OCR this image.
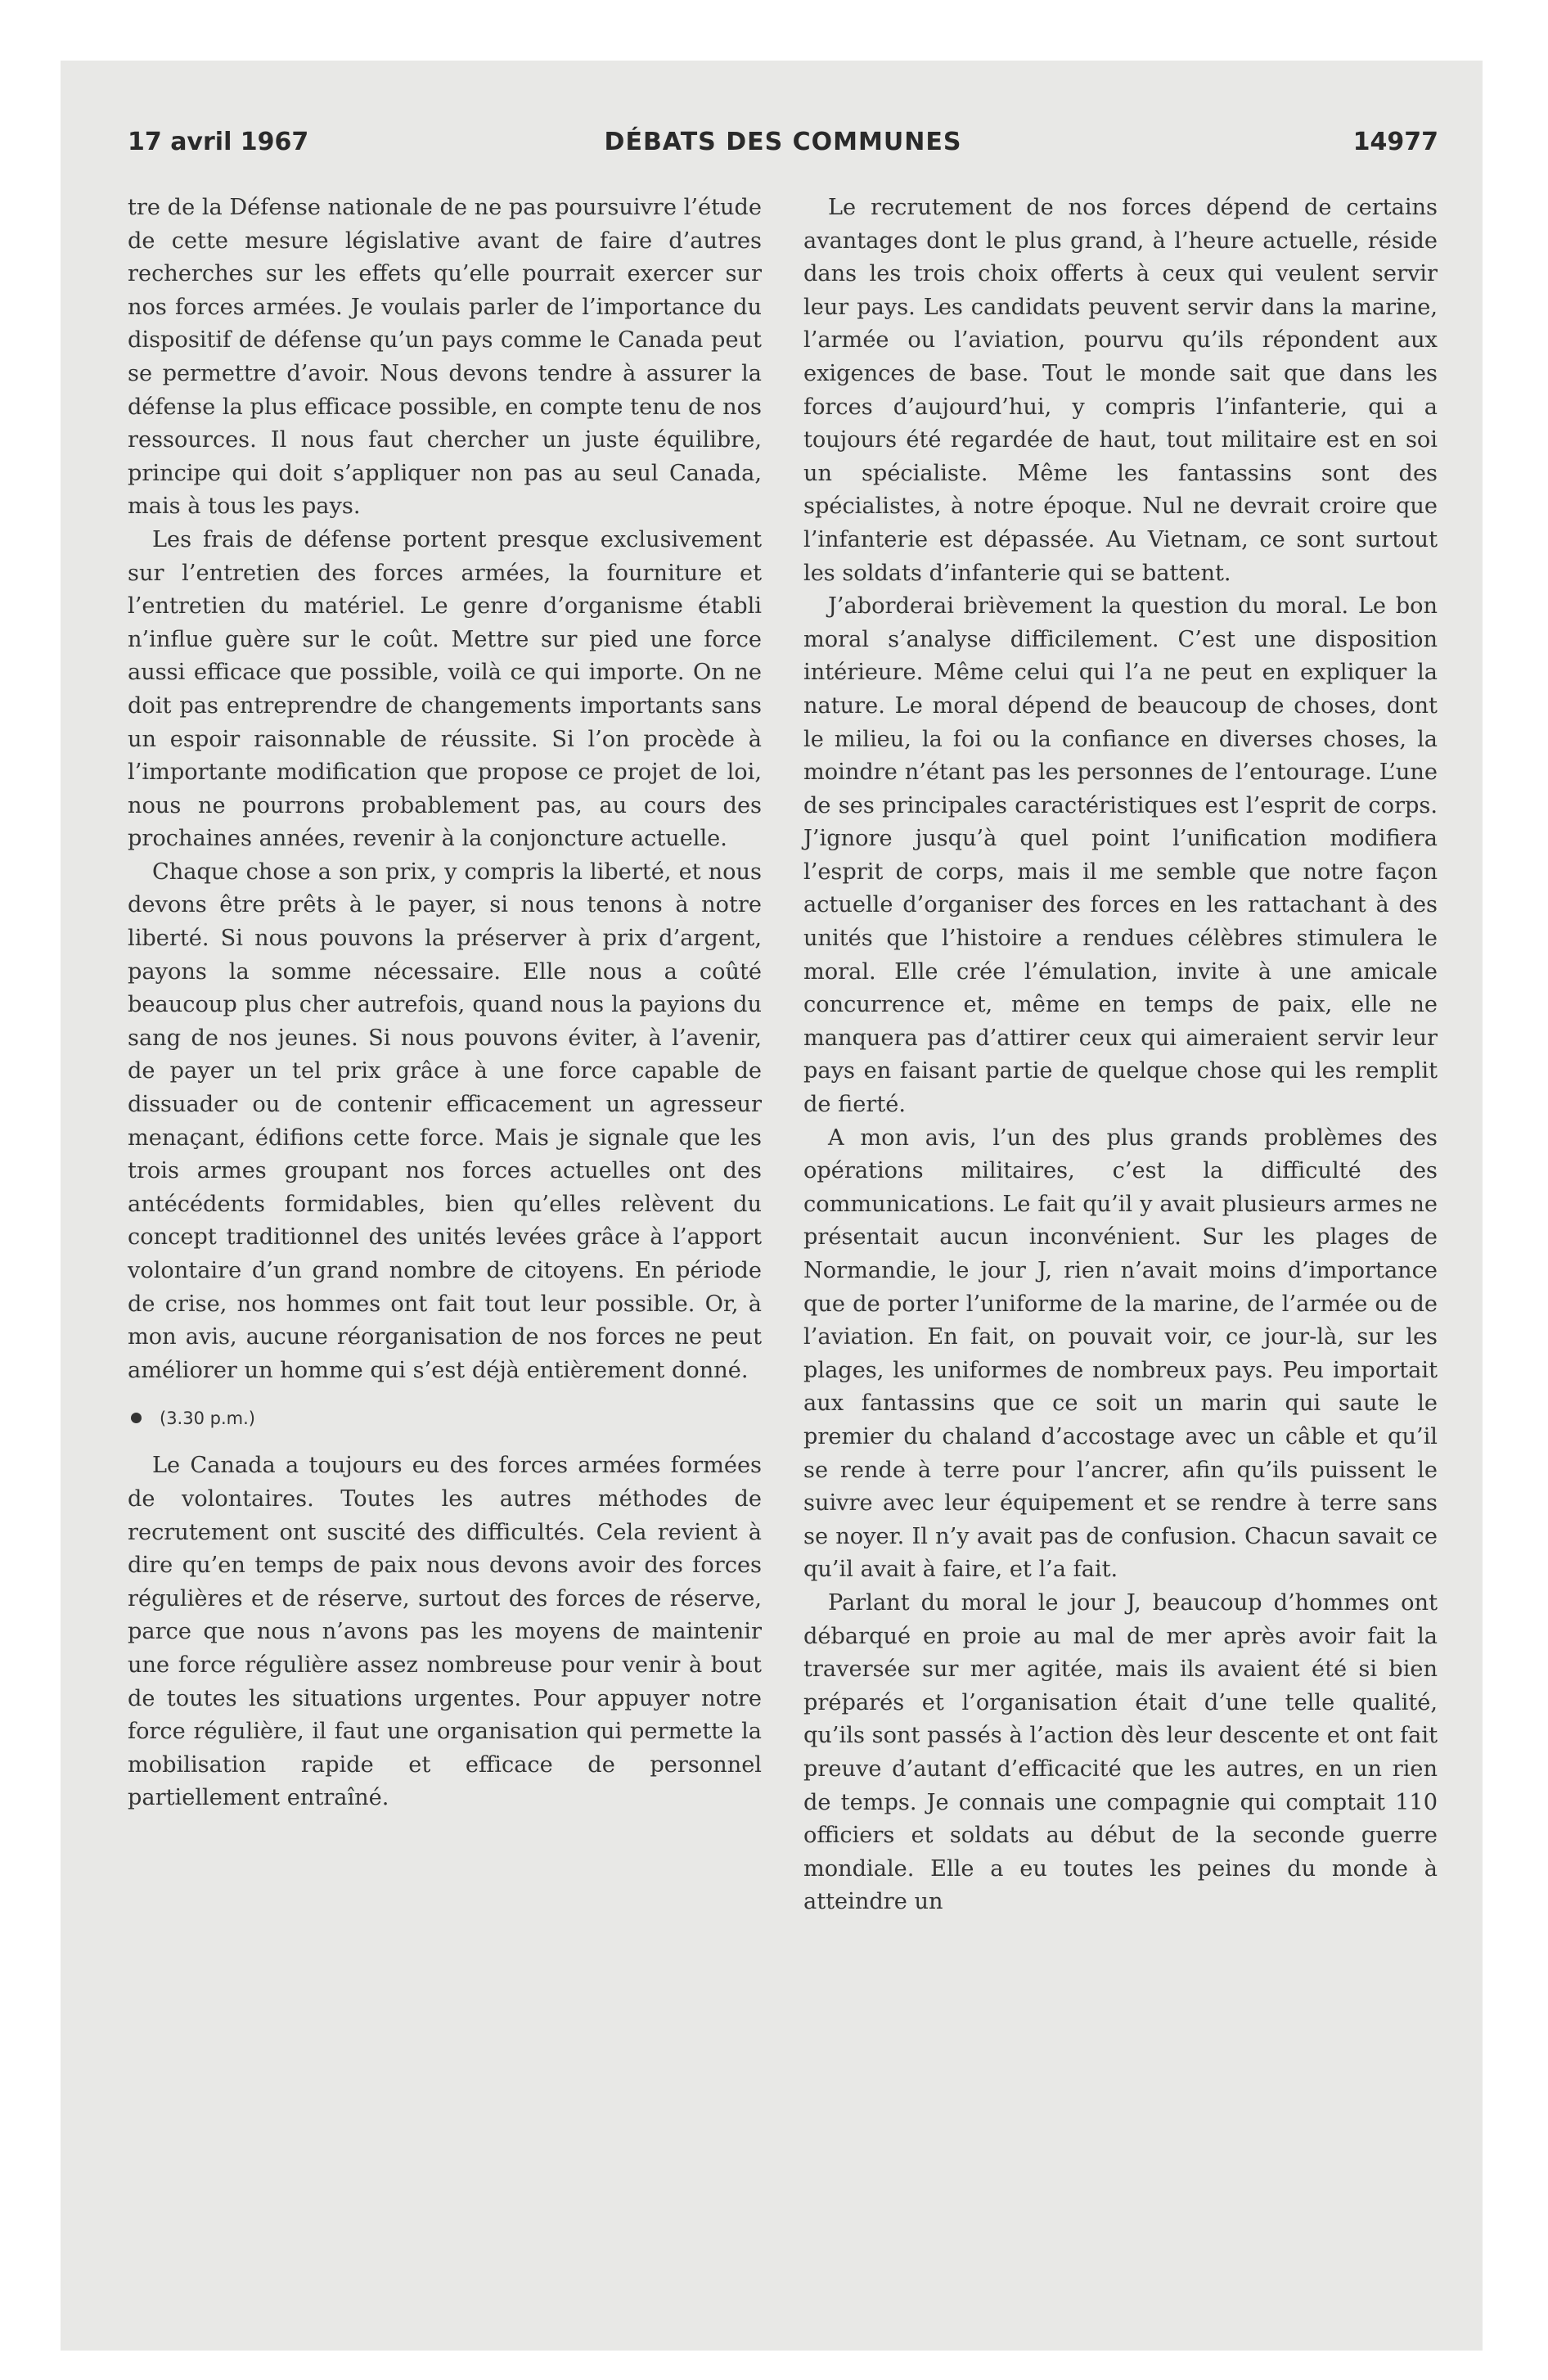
17 avril 1967	DÉBATS DES COMMUNES	14977

tre de la Défense nationale de ne pas poursuivre l’étude de cette mesure législative avant de faire d’autres recherches sur les effets qu’elle pourrait exercer sur nos forces armées. Je voulais parler de l’importance du dispositif de défense qu’un pays comme le Canada peut se permettre d’avoir. Nous devons tendre à assurer la défense la plus efficace possible, en compte tenu de nos ressources. Il nous faut chercher un juste équilibre, principe qui doit s’appliquer non pas au seul Canada, mais à tous les pays.

Les frais de défense portent presque exclusivement sur l’entretien des forces armées, la fourniture et l’entretien du matériel. Le genre d’organisme établi n’influe guère sur le coût. Mettre sur pied une force aussi efficace que possible, voilà ce qui importe. On ne doit pas entreprendre de changements importants sans un espoir raisonnable de réussite. Si l’on procède à l’importante modification que propose ce projet de loi, nous ne pourrons probablement pas, au cours des prochaines années, revenir à la conjoncture actuelle.

Chaque chose a son prix, y compris la liberté, et nous devons être prêts à le payer, si nous tenons à notre liberté. Si nous pouvons la préserver à prix d’argent, payons la somme nécessaire. Elle nous a coûté beaucoup plus cher autrefois, quand nous la payions du sang de nos jeunes. Si nous pouvons éviter, à l’avenir, de payer un tel prix grâce à une force capable de dissuader ou de contenir efficacement un agresseur menaçant, édifions cette force. Mais je signale que les trois armes groupant nos forces actuelles ont des antécédents formidables, bien qu’elles relèvent du concept traditionnel des unités levées grâce à l’apport volontaire d’un grand nombre de citoyens. En période de crise, nos hommes ont fait tout leur possible. Or, à mon avis, aucune réorganisation de nos forces ne peut améliorer un homme qui s’est déjà entièrement donné.

(3.30 p.m.)

Le Canada a toujours eu des forces armées formées de volontaires. Toutes les autres méthodes de recrutement ont suscité des difficultés. Cela revient à dire qu’en temps de paix nous devons avoir des forces régulières et de réserve, surtout des forces de réserve, parce que nous n’avons pas les moyens de maintenir une force régulière assez nombreuse pour venir à bout de toutes les situations urgentes. Pour appuyer notre force régulière, il faut une organisation qui permette la mobilisation rapide et efficace de personnel partiellement entraîné.

Le recrutement de nos forces dépend de certains avantages dont le plus grand, à l’heure actuelle, réside dans les trois choix offerts à ceux qui veulent servir leur pays. Les candidats peuvent servir dans la marine, l’armée ou l’aviation, pourvu qu’ils répondent aux exigences de base. Tout le monde sait que dans les forces d’aujourd’hui, y compris l’infanterie, qui a toujours été regardée de haut, tout militaire est en soi un spécialiste. Même les fantassins sont des spécialistes, à notre époque. Nul ne devrait croire que l’infanterie est dépassée. Au Vietnam, ce sont surtout les soldats d’infanterie qui se battent.

J’aborderai brièvement la question du moral. Le bon moral s’analyse difficilement. C’est une disposition intérieure. Même celui qui l’a ne peut en expliquer la nature. Le moral dépend de beaucoup de choses, dont le milieu, la foi ou la confiance en diverses choses, la moindre n’étant pas les personnes de l’entourage. L’une de ses principales caractéristiques est l’esprit de corps. J’ignore jusqu’à quel point l’unification modifiera l’esprit de corps, mais il me semble que notre façon actuelle d’organiser des forces en les rattachant à des unités que l’histoire a rendues célèbres stimulera le moral. Elle crée l’émulation, invite à une amicale concurrence et, même en temps de paix, elle ne manquera pas d’attirer ceux qui aimeraient servir leur pays en faisant partie de quelque chose qui les remplit de fierté.

A mon avis, l’un des plus grands problèmes des opérations militaires, c’est la difficulté des communications. Le fait qu’il y avait plusieurs armes ne présentait aucun inconvénient. Sur les plages de Normandie, le jour J, rien n’avait moins d’importance que de porter l’uniforme de la marine, de l’armée ou de l’aviation. En fait, on pouvait voir, ce jour-là, sur les plages, les uniformes de nombreux pays. Peu importait aux fantassins que ce soit un marin qui saute le premier du chaland d’accostage avec un câble et qu’il se rende à terre pour l’ancrer, afin qu’ils puissent le suivre avec leur équipement et se rendre à terre sans se noyer. Il n’y avait pas de confusion. Chacun savait ce qu’il avait à faire, et l’a fait.

Parlant du moral le jour J, beaucoup d’hommes ont débarqué en proie au mal de mer après avoir fait la traversée sur mer agitée, mais ils avaient été si bien préparés et l’organisation était d’une telle qualité, qu’ils sont passés à l’action dès leur descente et ont fait preuve d’autant d’efficacité que les autres, en un rien de temps. Je connais une compagnie qui comptait 110 officiers et soldats au début de la seconde guerre mondiale. Elle a eu toutes les peines du monde à atteindre un
